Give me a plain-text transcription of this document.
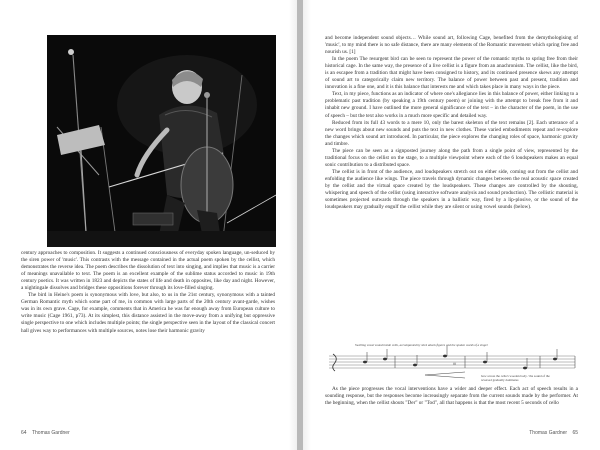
century approaches to composition. It suggests a continued consciousness of everyday spoken language, un-seduced by the siren power of 'music'. This contrasts with the message contained in the actual poem spoken by the cellist, which demonstrates the reverse idea. The poem describes the dissolution of text into singing, and implies that music is a carrier of meanings unavailable to text. The poem is an excellent example of the sublime status accorded to music in 19th century poetics. It was written in 1823 and depicts the states of life and death in opposites, like day and night. However, a nightingale dissolves and bridges these oppositions forever through its love-filled singing.

The bird in Heine's poem is synonymous with love, but also, to us in the 21st century, synonymous with a tainted German Romantic myth which some part of me, in common with large parts of the 20th century avant-garde, wishes was in its own grave. Cage, for example, comments that in America he was far enough away from European culture to write music (Cage 1961, p73). At its simplest, this distance assisted in the move-away from a unifying but oppressive single perspective to one which includes multiple points; the single perspective seen in the layout of the classical concert hall gives way to performances with multiple sources, notes lose their harmonic gravity

64 Thomas Gardner

and become independent sound objects… While sound art, following Cage, benefited from the demythologising of 'music', to my mind there is no safe distance, there are many elements of the Romantic movement which spring free and nourish us. [1]

In the poem The resurgent bird can be seen to represent the power of the romantic myths to spring free from their historical cage. In the same way, the presence of a live cellist is a figure from an anachronism. The cellist, like the bird, is an escapee from a tradition that might have been consigned to history, and its continued presence skews any attempt of sound art to categorically claim new territory. The balance of power between past and present, tradition and innovation is a fine one, and it is this balance that interests me and which takes place in many ways in the piece.

Text, in my piece, functions as an indicator of where one's allegiance lies in this balance of power, either linking to a problematic past tradition (by speaking a 19th century poem) or joining with the attempt to break free from it and inhabit new ground. I have outlined the more general significance of the text – in the character of the poem, in the use of speech – but the text also works in a much more specific and detailed way.

Reduced from its full 43 words to a mere 10, only the barest skeleton of the text remains [2]. Each utterance of a new word brings about new sounds and puts the text in new clothes. These varied embodiments repeat and re-explore the changes which sound art introduced. In particular, the piece explores the changing roles of space, harmonic gravity and timbre.

The piece can be seen as a signposted journey along the path from a single point of view, represented by the traditional focus on the cellist on the stage, to a multiple viewpoint where each of the 6 loudspeakers makes an equal sonic contribution to a distributed space.

The cellist is in front of the audience, and loudspeakers stretch out on either side, coming out from the cellist and enfolding the audience like wings. The piece travels through dynamic changes between the real acoustic space created by the cellist and the virtual space created by the loudspeakers. These changes are controlled by the shouting, whispering and speech of the cellist (using interactive software analysis and sound production). The cellistic material is sometimes projected outwards through the speakers in a ballistic way, fired by a lip-plosive, or the sound of the loudspeakers may gradually engulf the cellist while they are silent or using vowel sounds (below).

Swelling vowel sound inside cello, accompanied by stick attack figures and the spoken words of a singer
fff
bow across the cello's wooden body / the sound of the reversed gradually dominates

As the piece progresses the vocal interventions have a wider and deeper effect. Each act of speech results in a sounding response, but the responses become increasingly separate from the current sounds made by the performer. At the beginning, when the cellist shouts "Der" or "Tod", all that happens is that the most recent 5 seconds of cello

Thomas Gardner 65
